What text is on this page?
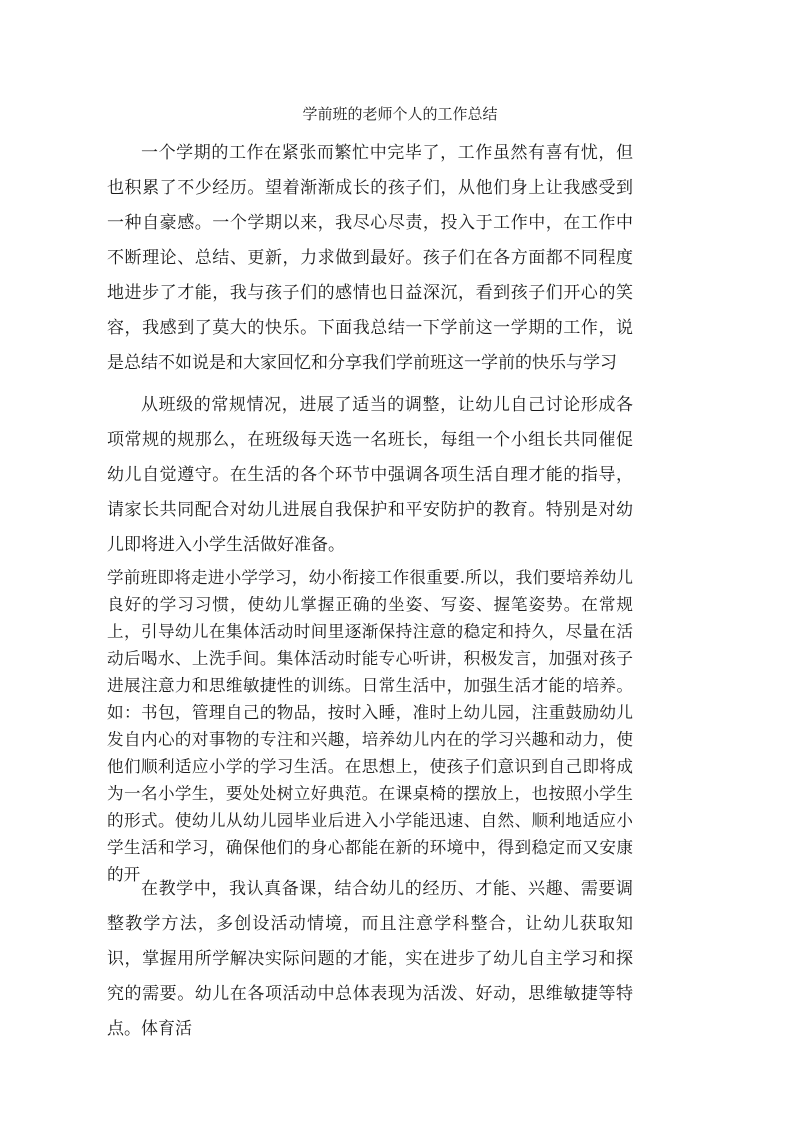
学前班的老师个人的工作总结

一个学期的工作在紧张而繁忙中完毕了，工作虽然有喜有忧，但也积累了不少经历。望着渐渐成长的孩子们，从他们身上让我感受到一种自豪感。一个学期以来，我尽心尽责，投入于工作中，在工作中不断理论、总结、更新，力求做到最好。孩子们在各方面都不同程度地进步了才能，我与孩子们的感情也日益深沉，看到孩子们开心的笑容，我感到了莫大的快乐。下面我总结一下学前这一学期的工作，说是总结不如说是和大家回忆和分享我们学前班这一学前的快乐与学习

从班级的常规情况，进展了适当的调整，让幼儿自己讨论形成各项常规的规那么，在班级每天选一名班长，每组一个小组长共同催促幼儿自觉遵守。在生活的各个环节中强调各项生活自理才能的指导，请家长共同配合对幼儿进展自我保护和平安防护的教育。特别是对幼儿即将进入小学生活做好准备。

学前班即将走进小学学习，幼小衔接工作很重要.所以，我们要培养幼儿良好的学习习惯，使幼儿掌握正确的坐姿、写姿、握笔姿势。在常规上，引导幼儿在集体活动时间里逐渐保持注意的稳定和持久，尽量在活动后喝水、上洗手间。集体活动时能专心听讲，积极发言，加强对孩子进展注意力和思维敏捷性的训练。日常生活中，加强生活才能的培养。如：书包，管理自己的物品，按时入睡，准时上幼儿园，注重鼓励幼儿发自内心的对事物的专注和兴趣，培养幼儿内在的学习兴趣和动力，使他们顺利适应小学的学习生活。在思想上，使孩子们意识到自己即将成为一名小学生，要处处树立好典范。在课桌椅的摆放上，也按照小学生的形式。使幼儿从幼儿园毕业后进入小学能迅速、自然、顺利地适应小学生活和学习，确保他们的身心都能在新的环境中，得到稳定而又安康的开

在教学中，我认真备课，结合幼儿的经历、才能、兴趣、需要调整教学方法，多创设活动情境，而且注意学科整合，让幼儿获取知识，掌握用所学解决实际问题的才能，实在进步了幼儿自主学习和探究的需要。幼儿在各项活动中总体表现为活泼、好动，思维敏捷等特点。体育活
